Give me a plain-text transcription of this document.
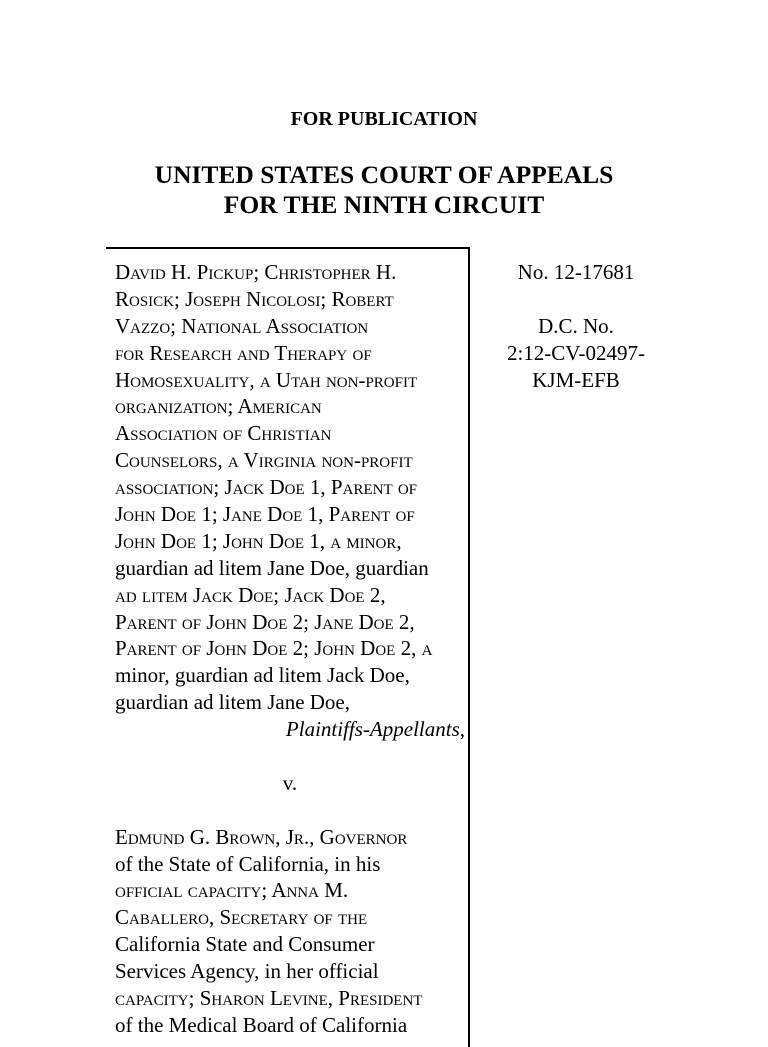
FOR PUBLICATION
UNITED STATES COURT OF APPEALS
FOR THE NINTH CIRCUIT
David H. Pickup; Christopher H.
Rosick; Joseph Nicolosi; Robert
Vazzo; National Association
for Research and Therapy of
Homosexuality, a Utah non-profit
organization; American
Association of Christian
Counselors, a Virginia non-profit
association; Jack Doe 1, Parent of
John Doe 1; Jane Doe 1, Parent of
John Doe 1; John Doe 1, a minor,
guardian ad litem Jane Doe, guardian
ad litem Jack Doe; Jack Doe 2,
Parent of John Doe 2; Jane Doe 2,
Parent of John Doe 2; John Doe 2, a
minor, guardian ad litem Jack Doe,
guardian ad litem Jane Doe,
Plaintiffs-Appellants,
v.
Edmund G. Brown, Jr., Governor
of the State of California, in his
official capacity; Anna M.
Caballero, Secretary of the
California State and Consumer
Services Agency, in her official
capacity; Sharon Levine, President
of the Medical Board of California
No. 12-17681
D.C. No.
2:12-CV-02497-
KJM-EFB
